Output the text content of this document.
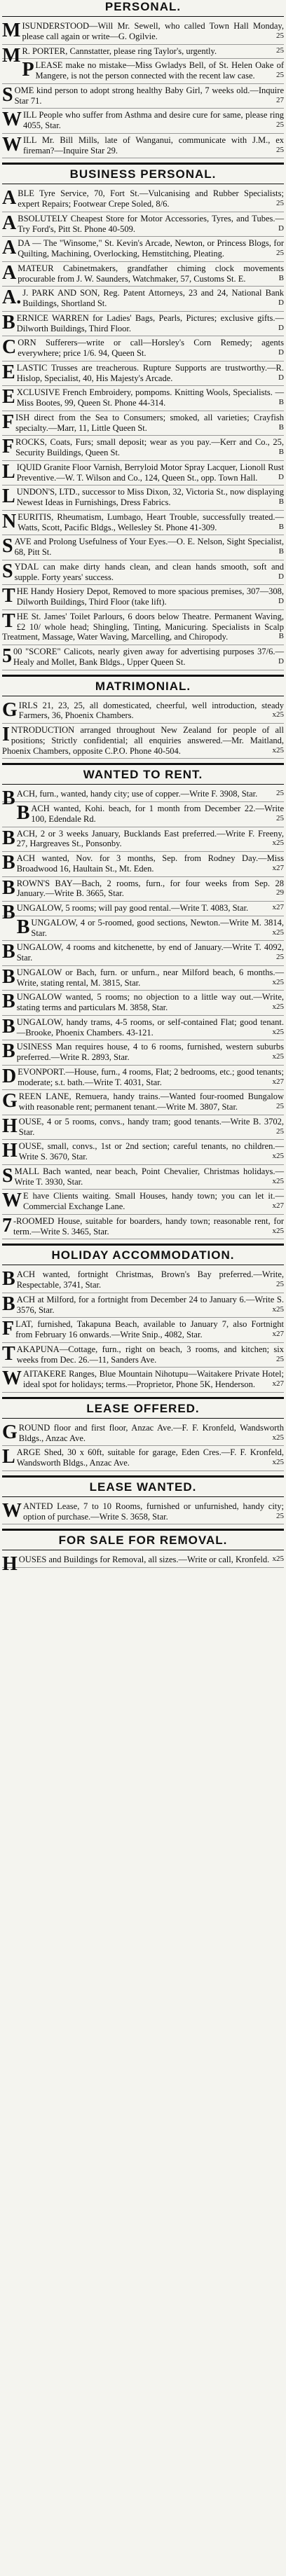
PERSONAL.

MISUNDERSTOOD—Will Mr. Sewell, who called Town Hall Monday, please call again or write—G. Ogilvie.	25

MR. PORTER, Cannstatter, please ring Taylor's, urgently.	25

PLEASE make no mistake—Miss Gwladys Bell, of St. Helen Oake of Mangere, is not the person connected with the recent law case.	25

SOME kind person to adopt strong healthy Baby Girl, 7 weeks old.—Inquire Star 71.	27

WILL People who suffer from Asthma and desire cure for same, please ring 4055, Star.	25

WILL Mr. Bill Mills, late of Wanganui, communicate with J.M., ex fireman?—Inquire Star 29.	25

BUSINESS PERSONAL.

ABLE Tyre Service, 70, Fort St.—Vulcanising and Rubber Specialists; expert Repairs; Footwear Crepe Soled, 8/6.	25

ABSOLUTELY Cheapest Store for Motor Accessories, Tyres, and Tubes.—Try Ford's, Pitt St. Phone 40-509.	D

ADA — The "Winsome," St. Kevin's Arcade, Newton, or Princess Blogs, for Quilting, Machining, Overlocking, Hemstitching, Pleating.	25

AMATEUR Cabinetmakers, grandfather chiming clock movements procurable from J. W. Saunders, Watchmaker, 57, Customs St. E.	B

A.J. PARK AND SON, Reg. Patent Attorneys, 23 and 24, National Bank Buildings, Shortland St.	D

BERNICE WARREN for Ladies' Bags, Pearls, Pictures; exclusive gifts.—Dilworth Buildings, Third Floor.	D

CORN Sufferers—write or call—Horsley's Corn Remedy; agents everywhere; price 1/6. 94, Queen St.	D

ELASTIC Trusses are treacherous. Rupture Supports are trustworthy.—R. Hislop, Specialist, 40, His Majesty's Arcade.	D

EXCLUSIVE French Embroidery, pompoms. Knitting Wools, Specialists. — Miss Bootes, 99, Queen St. Phone 44-314.	B

FISH direct from the Sea to Consumers; smoked, all varieties; Crayfish specialty.—Marr, 11, Little Queen St.	B

FROCKS, Coats, Furs; small deposit; wear as you pay.—Kerr and Co., 25, Security Buildings, Queen St.	B

LIQUID Granite Floor Varnish, Berryloid Motor Spray Lacquer, Lionoll Rust Preventive.—W. T. Wilson and Co., 124, Queen St., opp. Town Hall.	D

LUNDON'S, LTD., successor to Miss Dixon, 32, Victoria St., now displaying Newest Ideas in Furnishings, Dress Fabrics.	B

NEURITIS, Rheumatism, Lumbago, Heart Trouble, successfully treated.—Watts, Scott, Pacific Bldgs., Wellesley St. Phone 41-309.	B

SAVE and Prolong Usefulness of Your Eyes.—O. E. Nelson, Sight Specialist, 68, Pitt St.	B

SYDAL can make dirty hands clean, and clean hands smooth, soft and supple. Forty years' success.	D

THE Handy Hosiery Depot, Removed to more spacious premises, 307—308, Dilworth Buildings, Third Floor (take lift).	D

THE St. James' Toilet Parlours, 6 doors below Theatre. Permanent Waving, £2 10/ whole head; Shingling, Tinting, Manicuring. Specialists in Scalp Treatment, Massage, Water Waving, Marcelling, and Chiropody.	B

500 "SCORE" Calicots, nearly given away for advertising purposes 37/6.—Healy and Mollet, Bank Bldgs., Upper Queen St.	D

MATRIMONIAL.

GIRLS 21, 23, 25, all domesticated, cheerful, well introduction, steady Farmers, 36, Phoenix Chambers.	x25

INTRODUCTION arranged throughout New Zealand for people of all positions; Strictly confidential; all enquiries answered.—Mr. Maitland, Phoenix Chambers, opposite C.P.O. Phone 40-504.	x25

WANTED TO RENT.

BACH, furn., wanted, handy city; use of copper.—Write F. 3908, Star. 25

BACH wanted, Kohi. beach, for 1 month from December 22.—Write 100, Edendale Rd.	25

BACH, 2 or 3 weeks January, Bucklands East preferred.—Write F. Freeny, 27, Hargreaves St., Ponsonby.	x25

BACH wanted, Nov. for 3 months, Sep. from Rodney Day.—Miss Broadwood 16, Haultain St., Mt. Eden.	x27

BROWN'S BAY—Bach, 2 rooms, furn., for four weeks from Sep. 28 January.—Write B. 3665, Star.	29

BUNGALOW, 5 rooms; will pay good rental.—Write T. 4083, Star.	x27

BUNGALOW, 4 or 5-roomed, good sections, Newton.—Write M. 3814, Star.	x25

BUNGALOW, 4 rooms and kitchenette, by end of January.—Write T. 4092, Star.	25

BUNGALOW or Bach, furn. or unfurn., near Milford beach, 6 months.—Write, stating rental, M. 3815, Star.	x25

BUNGALOW wanted, 5 rooms; no objection to a little way out.—Write, stating terms and particulars M. 3858, Star.	x25

BUNGALOW, handy trams, 4-5 rooms, or self-contained Flat; good tenant.—Brooke, Phoenix Chambers. 43-121.	x25

BUSINESS Man requires house, 4 to 6 rooms, furnished, western suburbs preferred.—Write R. 2893, Star.	x25

DEVONPORT.—House, furn., 4 rooms, Flat; 2 bedrooms, etc.; good tenants; moderate; s.t. bath.—Write T. 4031, Star.	x27

GREEN LANE, Remuera, handy trains.—Wanted four-roomed Bungalow with reasonable rent; permanent tenant.—Write M. 3807, Star.	25

HOUSE, 4 or 5 rooms, convs., handy tram; good tenants.—Write B. 3702, Star.	25

HOUSE, small, convs., 1st or 2nd section; careful tenants, no children.—Write S. 3670, Star.	x25

SMALL Bach wanted, near beach, Point Chevalier, Christmas holidays.—Write T. 3930, Star.	x25

WE have Clients waiting. Small Houses, handy town; you can let it.—Commercial Exchange Lane.	x27

7-ROOMED House, suitable for boarders, handy town; reasonable rent, for term.—Write S. 3465, Star.	x25

HOLIDAY ACCOMMODATION.

BACH wanted, fortnight Christmas, Brown's Bay preferred.—Write, Respectable, 3741, Star.	25

BACH at Milford, for a fortnight from December 24 to January 6.—Write S. 3576, Star.	x25

FLAT, furnished, Takapuna Beach, available to January 7, also Fortnight from February 16 onwards.—Write Snip., 4082, Star.	x27

TAKAPUNA—Cottage, furn., right on beach, 3 rooms, and kitchen; six weeks from Dec. 26.—11, Sanders Ave.	25

WAITAKERE Ranges, Blue Mountain Nihotupu—Waitakere Private Hotel; ideal spot for holidays; terms.—Proprietor, Phone 5K, Henderson. x27

LEASE OFFERED.

GROUND floor and first floor, Anzac Ave.—F. F. Kronfeld, Wandsworth Bldgs., Anzac Ave.	x25

LARGE Shed, 30 x 60ft, suitable for garage, Eden Cres.—F. F. Kronfeld, Wandsworth Bldgs., Anzac Ave.	x25

LEASE WANTED.

WANTED Lease, 7 to 10 Rooms, furnished or unfurnished, handy city; option of purchase.—Write S. 3658, Star.	25

FOR SALE FOR REMOVAL.

HOUSES and Buildings for Removal, all sizes.—Write or call, Kronfeld. x25
